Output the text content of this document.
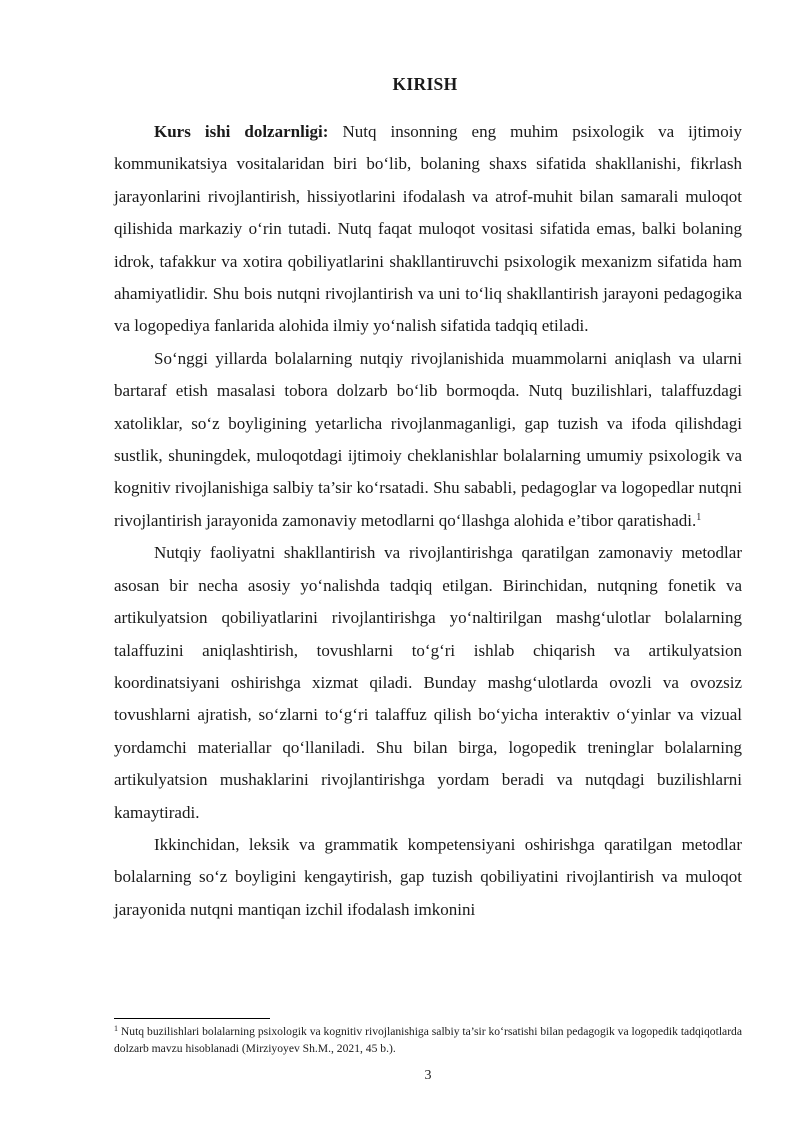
KIRISH

Kurs ishi dolzarnligi: Nutq insonning eng muhim psixologik va ijtimoiy kommunikatsiya vositalaridan biri bo‘lib, bolaning shaxs sifatida shakllanishi, fikrlash jarayonlarini rivojlantirish, hissiyotlarini ifodalash va atrof-muhit bilan samarali muloqot qilishida markaziy o‘rin tutadi. Nutq faqat muloqot vositasi sifatida emas, balki bolaning idrok, tafakkur va xotira qobiliyatlarini shakllantiruvchi psixologik mexanizm sifatida ham ahamiyatlidir. Shu bois nutqni rivojlantirish va uni to‘liq shakllantirish jarayoni pedagogika va logopediya fanlarida alohida ilmiy yo‘nalish sifatida tadqiq etiladi.

So‘nggi yillarda bolalarning nutqiy rivojlanishida muammolarni aniqlash va ularni bartaraf etish masalasi tobora dolzarb bo‘lib bormoqda. Nutq buzilishlari, talaffuzdagi xatoliklar, so‘z boyligining yetarlicha rivojlanmaganligi, gap tuzish va ifoda qilishdagi sustlik, shuningdek, muloqotdagi ijtimoiy cheklanishlar bolalarning umumiy psixologik va kognitiv rivojlanishiga salbiy ta’sir ko‘rsatadi. Shu sababli, pedagoglar va logopedlar nutqni rivojlantirish jarayonida zamonaviy metodlarni qo‘llashga alohida e’tibor qaratishadi.$^1$

Nutqiy faoliyatni shakllantirish va rivojlantirishga qaratilgan zamonaviy metodlar asosan bir necha asosiy yo‘nalishda tadqiq etilgan. Birinchidan, nutqning fonetik va artikulyatsion qobiliyatlarini rivojlantirishga yo‘naltirilgan mashg‘ulotlar bolalarning talaffuzini aniqlashtirish, tovushlarni to‘g‘ri ishlab chiqarish va artikulyatsion koordinatsiyani oshirishga xizmat qiladi. Bunday mashg‘ulotlarda ovozli va ovozsiz tovushlarni ajratish, so‘zlarni to‘g‘ri talaffuz qilish bo‘yicha interaktiv o‘yinlar va vizual yordamchi materiallar qo‘llaniladi. Shu bilan birga, logopedik treninglar bolalarning artikulyatsion mushaklarini rivojlantirishga yordam beradi va nutqdagi buzilishlarni kamaytiradi.

Ikkinchidan, leksik va grammatik kompetensiyani oshirishga qaratilgan metodlar bolalarning so‘z boyligini kengaytirish, gap tuzish qobiliyatini rivojlantirish va muloqot jarayonida nutqni mantiqan izchil ifodalash imkonini

$^1$ Nutq buzilishlari bolalarning psixologik va kognitiv rivojlanishiga salbiy ta’sir ko‘rsatishi bilan pedagogik va logopedik tadqiqotlarda dolzarb mavzu hisoblanadi (Mirziyoyev Sh.M., 2021, 45 b.).
3
